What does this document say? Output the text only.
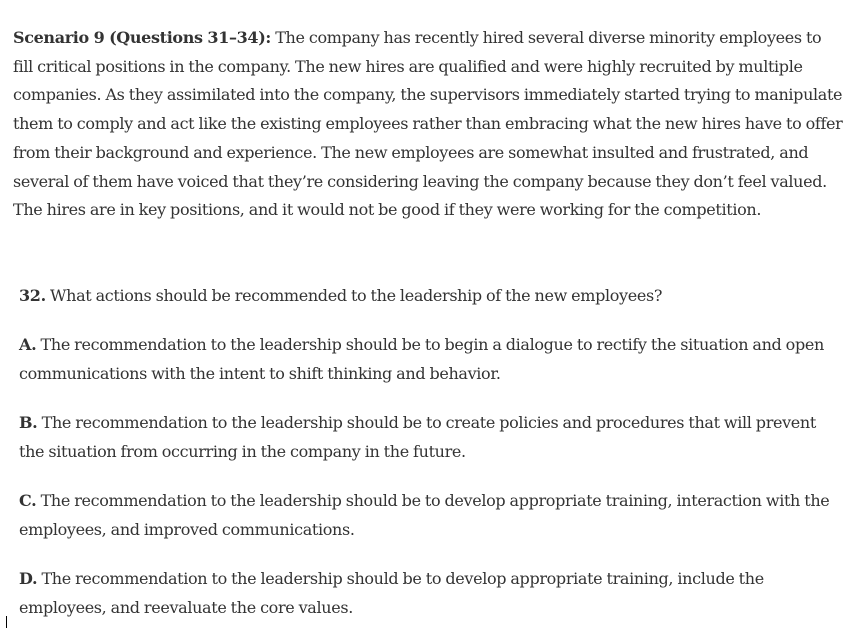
Scenario 9 (Questions 31–34): The company has recently hired several diverse minority employees to fill critical positions in the company. The new hires are qualified and were highly recruited by multiple companies. As they assimilated into the company, the supervisors immediately started trying to manipulate them to comply and act like the existing employees rather than embracing what the new hires have to offer from their background and experience. The new employees are somewhat insulted and frustrated, and several of them have voiced that they’re considering leaving the company because they don’t feel valued. The hires are in key positions, and it would not be good if they were working for the competition.
32. What actions should be recommended to the leadership of the new employees?
A. The recommendation to the leadership should be to begin a dialogue to rectify the situation and open communications with the intent to shift thinking and behavior.
B. The recommendation to the leadership should be to create policies and procedures that will prevent the situation from occurring in the company in the future.
C. The recommendation to the leadership should be to develop appropriate training, interaction with the employees, and improved communications.
D. The recommendation to the leadership should be to develop appropriate training, include the employees, and reevaluate the core values.
